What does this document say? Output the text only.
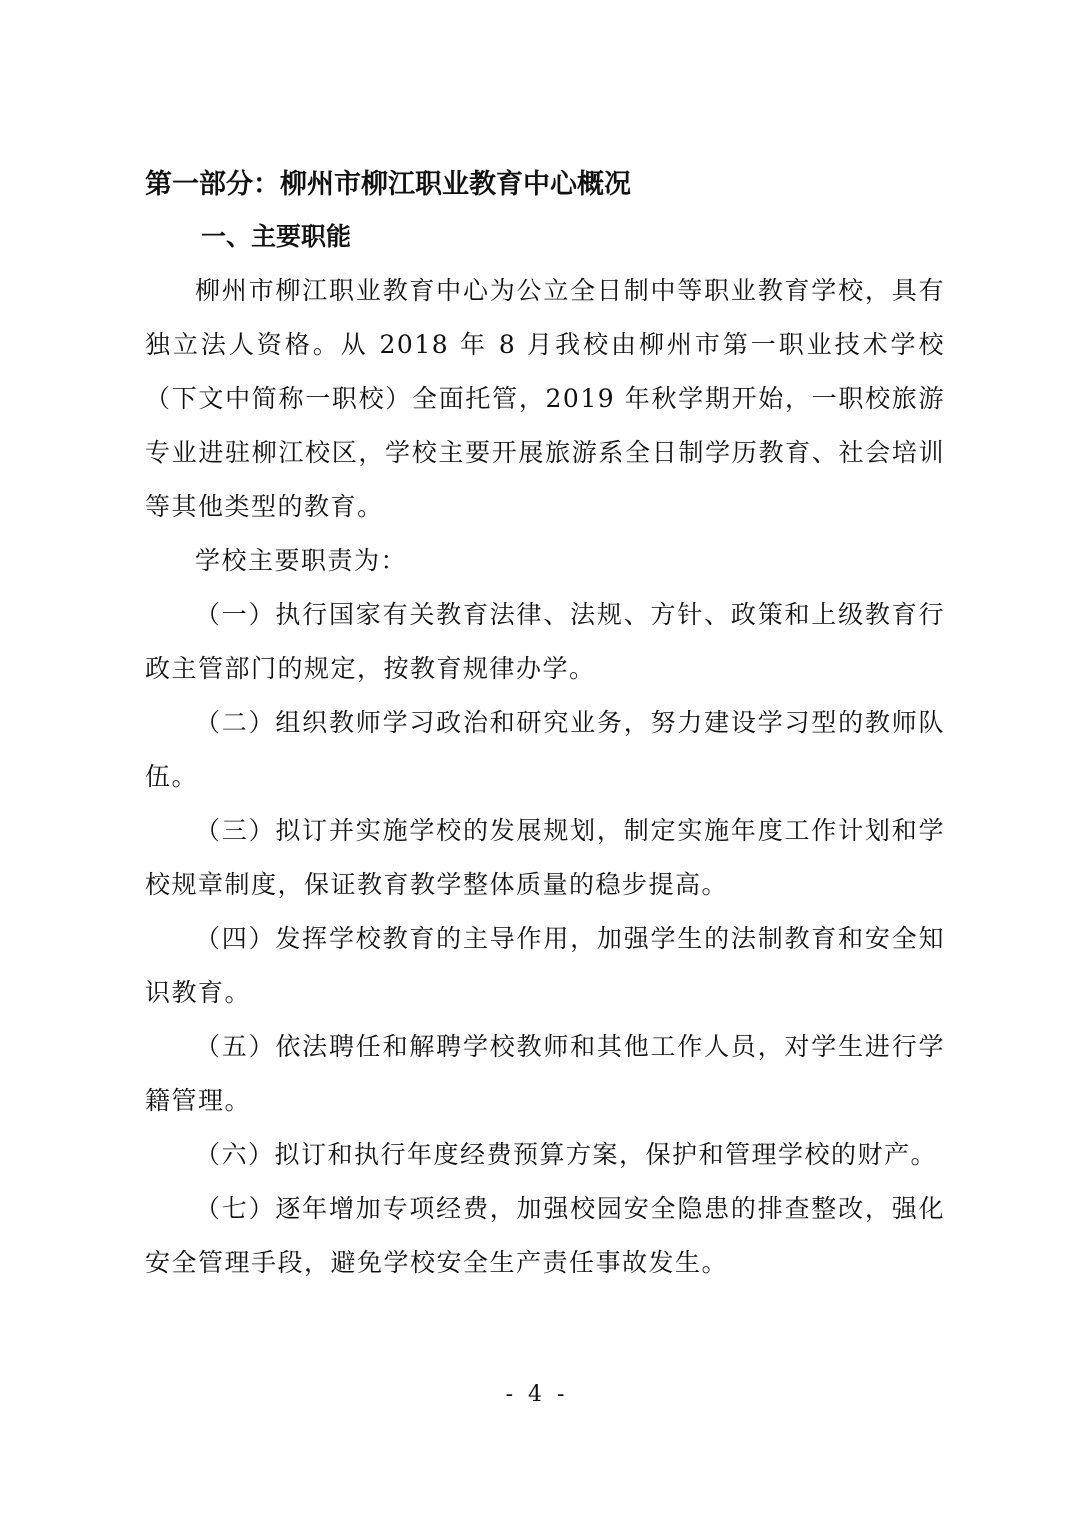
第一部分：柳州市柳江职业教育中心概况
一、主要职能

柳州市柳江职业教育中心为公立全日制中等职业教育学校，具有独立法人资格。从 2018 年 8 月我校由柳州市第一职业技术学校（下文中简称一职校）全面托管，2019 年秋学期开始，一职校旅游专业进驻柳江校区，学校主要开展旅游系全日制学历教育、社会培训等其他类型的教育。

学校主要职责为：

（一）执行国家有关教育法律、法规、方针、政策和上级教育行政主管部门的规定，按教育规律办学。

（二）组织教师学习政治和研究业务，努力建设学习型的教师队伍。

（三）拟订并实施学校的发展规划，制定实施年度工作计划和学校规章制度，保证教育教学整体质量的稳步提高。

（四）发挥学校教育的主导作用，加强学生的法制教育和安全知识教育。

（五）依法聘任和解聘学校教师和其他工作人员，对学生进行学籍管理。

（六）拟订和执行年度经费预算方案，保护和管理学校的财产。

（七）逐年增加专项经费，加强校园安全隐患的排查整改，强化安全管理手段，避免学校安全生产责任事故发生。

- 4 -
